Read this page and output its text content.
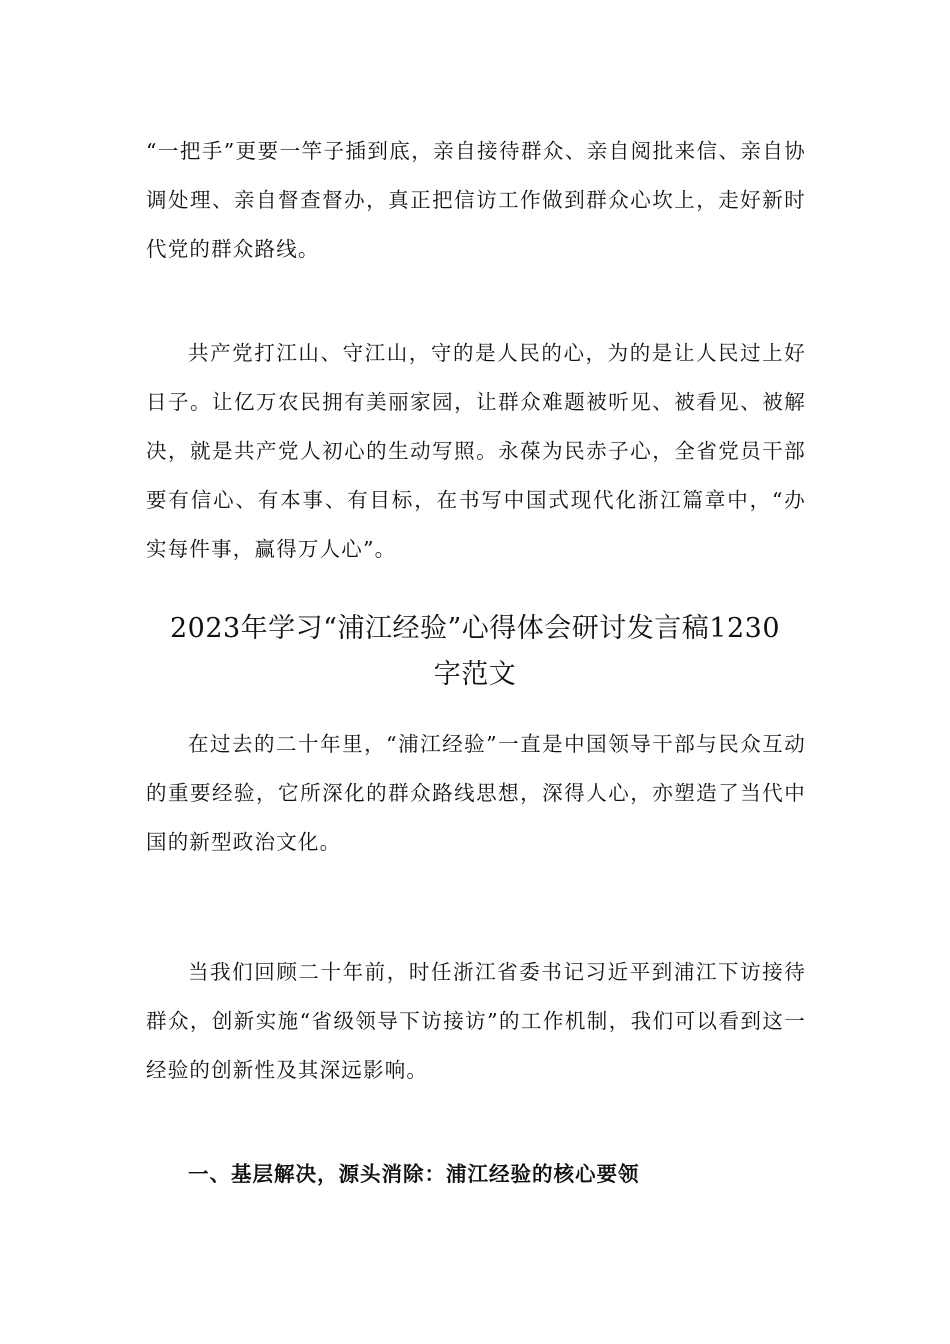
“一把手”更要一竿子插到底，亲自接待群众、亲自阅批来信、亲自协调处理、亲自督查督办，真正把信访工作做到群众心坎上，走好新时代党的群众路线。

共产党打江山、守江山，守的是人民的心，为的是让人民过上好日子。让亿万农民拥有美丽家园，让群众难题被听见、被看见、被解决，就是共产党人初心的生动写照。永葆为民赤子心，全省党员干部要有信心、有本事、有目标，在书写中国式现代化浙江篇章中，“办实每件事，赢得万人心”。

2023年学习“浦江经验”心得体会研讨发言稿1230
字范文

在过去的二十年里，“浦江经验”一直是中国领导干部与民众互动的重要经验，它所深化的群众路线思想，深得人心，亦塑造了当代中国的新型政治文化。

当我们回顾二十年前，时任浙江省委书记习近平到浦江下访接待群众，创新实施“省级领导下访接访”的工作机制，我们可以看到这一经验的创新性及其深远影响。

一、基层解决，源头消除：浦江经验的核心要领
